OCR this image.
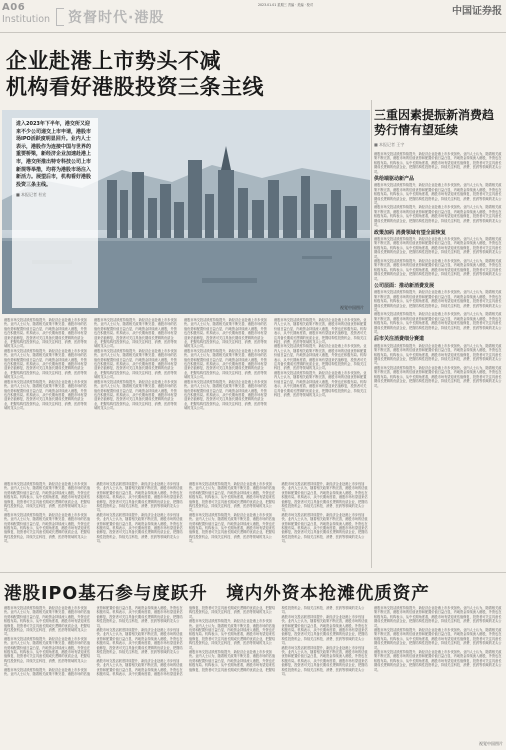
A06
Institution 资督时代·港股
2023.01.01 星期三 责编 · 美编 · 校对
中国证券报
企业赴港上市势头不减
机构看好港股投资三条主线
视觉中国图片
进入2023年下半年，港交所又迎来不少公司递交上市申请，港股市场IPO活跃度明显回升。业内人士表示，港股作为连接中国与世界的重要桥梁，新经济企业加速赴港上市，港交所推出特专科技公司上市新规等举措，均将为港股市场注入新活力。展望后市，机构看好港股投资三条主线。
■ 本报记者 杜宏

港股市场交投活跃度持续提升，新经济企业赴港上市步伐加快。业内人士认为，随着相关政策不断完善，港股市场的估值优势和配置价值日益凸显，内地资金持续流入港股，外资也在积极布局。机构表示，从中长期角度看，港股市场有望迎来估值修复，投资者可关注具备长期成长逻辑的优质企业，把握结构性投资机会，持续关注科技、消费、医药等领域的龙头公司。

港股市场交投活跃度持续提升，新经济企业赴港上市步伐加快。业内人士认为，随着相关政策不断完善，港股市场的估值优势和配置价值日益凸显，内地资金持续流入港股，外资也在积极布局。机构表示，从中长期角度看，港股市场有望迎来估值修复，投资者可关注具备长期成长逻辑的优质企业，把握结构性投资机会，持续关注科技、消费、医药等领域的龙头公司。

港股市场交投活跃度持续提升，新经济企业赴港上市步伐加快。业内人士认为，随着相关政策不断完善，港股市场的估值优势和配置价值日益凸显，内地资金持续流入港股，外资也在积极布局。机构表示，从中长期角度看，港股市场有望迎来估值修复，投资者可关注具备长期成长逻辑的优质企业，把握结构性投资机会，持续关注科技、消费、医药等领域的龙头公司。

港股市场交投活跃度持续提升，新经济企业赴港上市步伐加快。业内人士认为，随着相关政策不断完善，港股市场的估值优势和配置价值日益凸显，内地资金持续流入港股，外资也在积极布局。机构表示，从中长期角度看，港股市场有望迎来估值修复，投资者可关注具备长期成长逻辑的优质企业，把握结构性投资机会，持续关注科技、消费、医药等领域的龙头公司。

港股市场交投活跃度持续提升，新经济企业赴港上市步伐加快。业内人士认为，随着相关政策不断完善，港股市场的估值优势和配置价值日益凸显，内地资金持续流入港股，外资也在积极布局。机构表示，从中长期角度看，港股市场有望迎来估值修复，投资者可关注具备长期成长逻辑的优质企业，把握结构性投资机会，持续关注科技、消费、医药等领域的龙头公司。

港股市场交投活跃度持续提升，新经济企业赴港上市步伐加快。业内人士认为，随着相关政策不断完善，港股市场的估值优势和配置价值日益凸显，内地资金持续流入港股，外资也在积极布局。机构表示，从中长期角度看，港股市场有望迎来估值修复，投资者可关注具备长期成长逻辑的优质企业，把握结构性投资机会，持续关注科技、消费、医药等领域的龙头公司。

港股市场交投活跃度持续提升，新经济企业赴港上市步伐加快。业内人士认为，随着相关政策不断完善，港股市场的估值优势和配置价值日益凸显，内地资金持续流入港股，外资也在积极布局。机构表示，从中长期角度看，港股市场有望迎来估值修复，投资者可关注具备长期成长逻辑的优质企业，把握结构性投资机会，持续关注科技、消费、医药等领域的龙头公司。

港股市场交投活跃度持续提升，新经济企业赴港上市步伐加快。业内人士认为，随着相关政策不断完善，港股市场的估值优势和配置价值日益凸显，内地资金持续流入港股，外资也在积极布局。机构表示，从中长期角度看，港股市场有望迎来估值修复，投资者可关注具备长期成长逻辑的优质企业，把握结构性投资机会，持续关注科技、消费、医药等领域的龙头公司。

港股市场交投活跃度持续提升，新经济企业赴港上市步伐加快。业内人士认为，随着相关政策不断完善，港股市场的估值优势和配置价值日益凸显，内地资金持续流入港股，外资也在积极布局。机构表示，从中长期角度看，港股市场有望迎来估值修复，投资者可关注具备长期成长逻辑的优质企业，把握结构性投资机会，持续关注科技、消费、医药等领域的龙头公司。

港股市场交投活跃度持续提升，新经济企业赴港上市步伐加快。业内人士认为，随着相关政策不断完善，港股市场的估值优势和配置价值日益凸显，内地资金持续流入港股，外资也在积极布局。机构表示，从中长期角度看，港股市场有望迎来估值修复，投资者可关注具备长期成长逻辑的优质企业，把握结构性投资机会，持续关注科技、消费、医药等领域的龙头公司。

港股市场交投活跃度持续提升，新经济企业赴港上市步伐加快。业内人士认为，随着相关政策不断完善，港股市场的估值优势和配置价值日益凸显，内地资金持续流入港股，外资也在积极布局。机构表示，从中长期角度看，港股市场有望迎来估值修复，投资者可关注具备长期成长逻辑的优质企业，把握结构性投资机会，持续关注科技、消费、医药等领域的龙头公司。

港股市场交投活跃度持续提升，新经济企业赴港上市步伐加快。业内人士认为，随着相关政策不断完善，港股市场的估值优势和配置价值日益凸显，内地资金持续流入港股，外资也在积极布局。机构表示，从中长期角度看，港股市场有望迎来估值修复，投资者可关注具备长期成长逻辑的优质企业，把握结构性投资机会，持续关注科技、消费、医药等领域的龙头公司。

港股市场交投活跃度持续提升，新经济企业赴港上市步伐加快。业内人士认为，随着相关政策不断完善，港股市场的估值优势和配置价值日益凸显，内地资金持续流入港股，外资也在积极布局。机构表示，从中长期角度看，港股市场有望迎来估值修复，投资者可关注具备长期成长逻辑的优质企业，把握结构性投资机会，持续关注科技、消费、医药等领域的龙头公司。

港股市场交投活跃度持续提升，新经济企业赴港上市步伐加快。业内人士认为，随着相关政策不断完善，港股市场的估值优势和配置价值日益凸显，内地资金持续流入港股，外资也在积极布局。机构表示，从中长期角度看，港股市场有望迎来估值修复，投资者可关注具备长期成长逻辑的优质企业，把握结构性投资机会，持续关注科技、消费、医药等领域的龙头公司。

港股市场交投活跃度持续提升，新经济企业赴港上市步伐加快。业内人士认为，随着相关政策不断完善，港股市场的估值优势和配置价值日益凸显，内地资金持续流入港股，外资也在积极布局。机构表示，从中长期角度看，港股市场有望迎来估值修复，投资者可关注具备长期成长逻辑的优质企业，把握结构性投资机会，持续关注科技、消费、医药等领域的龙头公司。

港股市场交投活跃度持续提升，新经济企业赴港上市步伐加快。业内人士认为，随着相关政策不断完善，港股市场的估值优势和配置价值日益凸显，内地资金持续流入港股，外资也在积极布局。机构表示，从中长期角度看，港股市场有望迎来估值修复，投资者可关注具备长期成长逻辑的优质企业，把握结构性投资机会，持续关注科技、消费、医药等领域的龙头公司。

港股市场交投活跃度持续提升，新经济企业赴港上市步伐加快。业内人士认为，随着相关政策不断完善，港股市场的估值优势和配置价值日益凸显，内地资金持续流入港股，外资也在积极布局。机构表示，从中长期角度看，港股市场有望迎来估值修复，投资者可关注具备长期成长逻辑的优质企业，把握结构性投资机会，持续关注科技、消费、医药等领域的龙头公司。

港股市场交投活跃度持续提升，新经济企业赴港上市步伐加快。业内人士认为，随着相关政策不断完善，港股市场的估值优势和配置价值日益凸显，内地资金持续流入港股，外资也在积极布局。机构表示，从中长期角度看，港股市场有望迎来估值修复，投资者可关注具备长期成长逻辑的优质企业，把握结构性投资机会，持续关注科技、消费、医药等领域的龙头公司。

港股市场交投活跃度持续提升，新经济企业赴港上市步伐加快。业内人士认为，随着相关政策不断完善，港股市场的估值优势和配置价值日益凸显，内地资金持续流入港股，外资也在积极布局。机构表示，从中长期角度看，港股市场有望迎来估值修复，投资者可关注具备长期成长逻辑的优质企业，把握结构性投资机会，持续关注科技、消费、医药等领域的龙头公司。

港股市场交投活跃度持续提升，新经济企业赴港上市步伐加快。业内人士认为，随着相关政策不断完善，港股市场的估值优势和配置价值日益凸显，内地资金持续流入港股，外资也在积极布局。机构表示，从中长期角度看，港股市场有望迎来估值修复，投资者可关注具备长期成长逻辑的优质企业，把握结构性投资机会，持续关注科技、消费、医药等领域的龙头公司。

三重因素提振新消费趋势行情有望延续
■ 本报记者 王宇

港股市场交投活跃度持续提升，新经济企业赴港上市步伐加快。业内人士认为，随着相关政策不断完善，港股市场的估值优势和配置价值日益凸显，内地资金持续流入港股，外资也在积极布局。机构表示，从中长期角度看，港股市场有望迎来估值修复，投资者可关注具备长期成长逻辑的优质企业，把握结构性投资机会，持续关注科技、消费、医药等领域的龙头公司。

供给端驱动新产品

港股市场交投活跃度持续提升，新经济企业赴港上市步伐加快。业内人士认为，随着相关政策不断完善，港股市场的估值优势和配置价值日益凸显，内地资金持续流入港股，外资也在积极布局。机构表示，从中长期角度看，港股市场有望迎来估值修复，投资者可关注具备长期成长逻辑的优质企业，把握结构性投资机会，持续关注科技、消费、医药等领域的龙头公司。

港股市场交投活跃度持续提升，新经济企业赴港上市步伐加快。业内人士认为，随着相关政策不断完善，港股市场的估值优势和配置价值日益凸显，内地资金持续流入港股，外资也在积极布局。机构表示，从中长期角度看，港股市场有望迎来估值修复，投资者可关注具备长期成长逻辑的优质企业，把握结构性投资机会，持续关注科技、消费、医药等领域的龙头公司。

政策加码 消费领域有望全面恢复

港股市场交投活跃度持续提升，新经济企业赴港上市步伐加快。业内人士认为，随着相关政策不断完善，港股市场的估值优势和配置价值日益凸显，内地资金持续流入港股，外资也在积极布局。机构表示，从中长期角度看，港股市场有望迎来估值修复，投资者可关注具备长期成长逻辑的优质企业，把握结构性投资机会，持续关注科技、消费、医药等领域的龙头公司。

港股市场交投活跃度持续提升，新经济企业赴港上市步伐加快。业内人士认为，随着相关政策不断完善，港股市场的估值优势和配置价值日益凸显，内地资金持续流入港股，外资也在积极布局。机构表示，从中长期角度看，港股市场有望迎来估值修复，投资者可关注具备长期成长逻辑的优质企业，把握结构性投资机会，持续关注科技、消费、医药等领域的龙头公司。

公司层面：推动新消费发展

港股市场交投活跃度持续提升，新经济企业赴港上市步伐加快。业内人士认为，随着相关政策不断完善，港股市场的估值优势和配置价值日益凸显，内地资金持续流入港股，外资也在积极布局。机构表示，从中长期角度看，港股市场有望迎来估值修复，投资者可关注具备长期成长逻辑的优质企业，把握结构性投资机会，持续关注科技、消费、医药等领域的龙头公司。

港股市场交投活跃度持续提升，新经济企业赴港上市步伐加快。业内人士认为，随着相关政策不断完善，港股市场的估值优势和配置价值日益凸显，内地资金持续流入港股，外资也在积极布局。机构表示，从中长期角度看，港股市场有望迎来估值修复，投资者可关注具备长期成长逻辑的优质企业，把握结构性投资机会，持续关注科技、消费、医药等领域的龙头公司。

后市关注消费细分赛道

港股市场交投活跃度持续提升，新经济企业赴港上市步伐加快。业内人士认为，随着相关政策不断完善，港股市场的估值优势和配置价值日益凸显，内地资金持续流入港股，外资也在积极布局。机构表示，从中长期角度看，港股市场有望迎来估值修复，投资者可关注具备长期成长逻辑的优质企业，把握结构性投资机会，持续关注科技、消费、医药等领域的龙头公司。

港股市场交投活跃度持续提升，新经济企业赴港上市步伐加快。业内人士认为，随着相关政策不断完善，港股市场的估值优势和配置价值日益凸显，内地资金持续流入港股，外资也在积极布局。机构表示，从中长期角度看，港股市场有望迎来估值修复，投资者可关注具备长期成长逻辑的优质企业，把握结构性投资机会，持续关注科技、消费、医药等领域的龙头公司。

港股IPO基石参与度跃升　境内外资本抢滩优质资产

港股市场交投活跃度持续提升，新经济企业赴港上市步伐加快。业内人士认为，随着相关政策不断完善，港股市场的估值优势和配置价值日益凸显，内地资金持续流入港股，外资也在积极布局。机构表示，从中长期角度看，港股市场有望迎来估值修复，投资者可关注具备长期成长逻辑的优质企业，把握结构性投资机会，持续关注科技、消费、医药等领域的龙头公司。

港股市场交投活跃度持续提升，新经济企业赴港上市步伐加快。业内人士认为，随着相关政策不断完善，港股市场的估值优势和配置价值日益凸显，内地资金持续流入港股，外资也在积极布局。机构表示，从中长期角度看，港股市场有望迎来估值修复，投资者可关注具备长期成长逻辑的优质企业，把握结构性投资机会，持续关注科技、消费、医药等领域的龙头公司。

港股市场交投活跃度持续提升，新经济企业赴港上市步伐加快。业内人士认为，随着相关政策不断完善，港股市场的估值优势和配置价值日益凸显，内地资金持续流入港股，外资也在积极布局。机构表示，从中长期角度看，港股市场有望迎来估值修复，投资者可关注具备长期成长逻辑的优质企业，把握结构性投资机会，持续关注科技、消费、医药等领域的龙头公司。

港股市场交投活跃度持续提升，新经济企业赴港上市步伐加快。业内人士认为，随着相关政策不断完善，港股市场的估值优势和配置价值日益凸显，内地资金持续流入港股，外资也在积极布局。机构表示，从中长期角度看，港股市场有望迎来估值修复，投资者可关注具备长期成长逻辑的优质企业，把握结构性投资机会，持续关注科技、消费、医药等领域的龙头公司。

港股市场交投活跃度持续提升，新经济企业赴港上市步伐加快。业内人士认为，随着相关政策不断完善，港股市场的估值优势和配置价值日益凸显，内地资金持续流入港股，外资也在积极布局。机构表示，从中长期角度看，港股市场有望迎来估值修复，投资者可关注具备长期成长逻辑的优质企业，把握结构性投资机会，持续关注科技、消费、医药等领域的龙头公司。

港股市场交投活跃度持续提升，新经济企业赴港上市步伐加快。业内人士认为，随着相关政策不断完善，港股市场的估值优势和配置价值日益凸显，内地资金持续流入港股，外资也在积极布局。机构表示，从中长期角度看，港股市场有望迎来估值修复，投资者可关注具备长期成长逻辑的优质企业，把握结构性投资机会，持续关注科技、消费、医药等领域的龙头公司。

港股市场交投活跃度持续提升，新经济企业赴港上市步伐加快。业内人士认为，随着相关政策不断完善，港股市场的估值优势和配置价值日益凸显，内地资金持续流入港股，外资也在积极布局。机构表示，从中长期角度看，港股市场有望迎来估值修复，投资者可关注具备长期成长逻辑的优质企业，把握结构性投资机会，持续关注科技、消费、医药等领域的龙头公司。

港股市场交投活跃度持续提升，新经济企业赴港上市步伐加快。业内人士认为，随着相关政策不断完善，港股市场的估值优势和配置价值日益凸显，内地资金持续流入港股，外资也在积极布局。机构表示，从中长期角度看，港股市场有望迎来估值修复，投资者可关注具备长期成长逻辑的优质企业，把握结构性投资机会，持续关注科技、消费、医药等领域的龙头公司。

港股市场交投活跃度持续提升，新经济企业赴港上市步伐加快。业内人士认为，随着相关政策不断完善，港股市场的估值优势和配置价值日益凸显，内地资金持续流入港股，外资也在积极布局。机构表示，从中长期角度看，港股市场有望迎来估值修复，投资者可关注具备长期成长逻辑的优质企业，把握结构性投资机会，持续关注科技、消费、医药等领域的龙头公司。

港股市场交投活跃度持续提升，新经济企业赴港上市步伐加快。业内人士认为，随着相关政策不断完善，港股市场的估值优势和配置价值日益凸显，内地资金持续流入港股，外资也在积极布局。机构表示，从中长期角度看，港股市场有望迎来估值修复，投资者可关注具备长期成长逻辑的优质企业，把握结构性投资机会，持续关注科技、消费、医药等领域的龙头公司。

港股市场交投活跃度持续提升，新经济企业赴港上市步伐加快。业内人士认为，随着相关政策不断完善，港股市场的估值优势和配置价值日益凸显，内地资金持续流入港股，外资也在积极布局。机构表示，从中长期角度看，港股市场有望迎来估值修复，投资者可关注具备长期成长逻辑的优质企业，把握结构性投资机会，持续关注科技、消费、医药等领域的龙头公司。

港股市场交投活跃度持续提升，新经济企业赴港上市步伐加快。业内人士认为，随着相关政策不断完善，港股市场的估值优势和配置价值日益凸显，内地资金持续流入港股，外资也在积极布局。机构表示，从中长期角度看，港股市场有望迎来估值修复，投资者可关注具备长期成长逻辑的优质企业，把握结构性投资机会，持续关注科技、消费、医药等领域的龙头公司。

视觉中国图片
